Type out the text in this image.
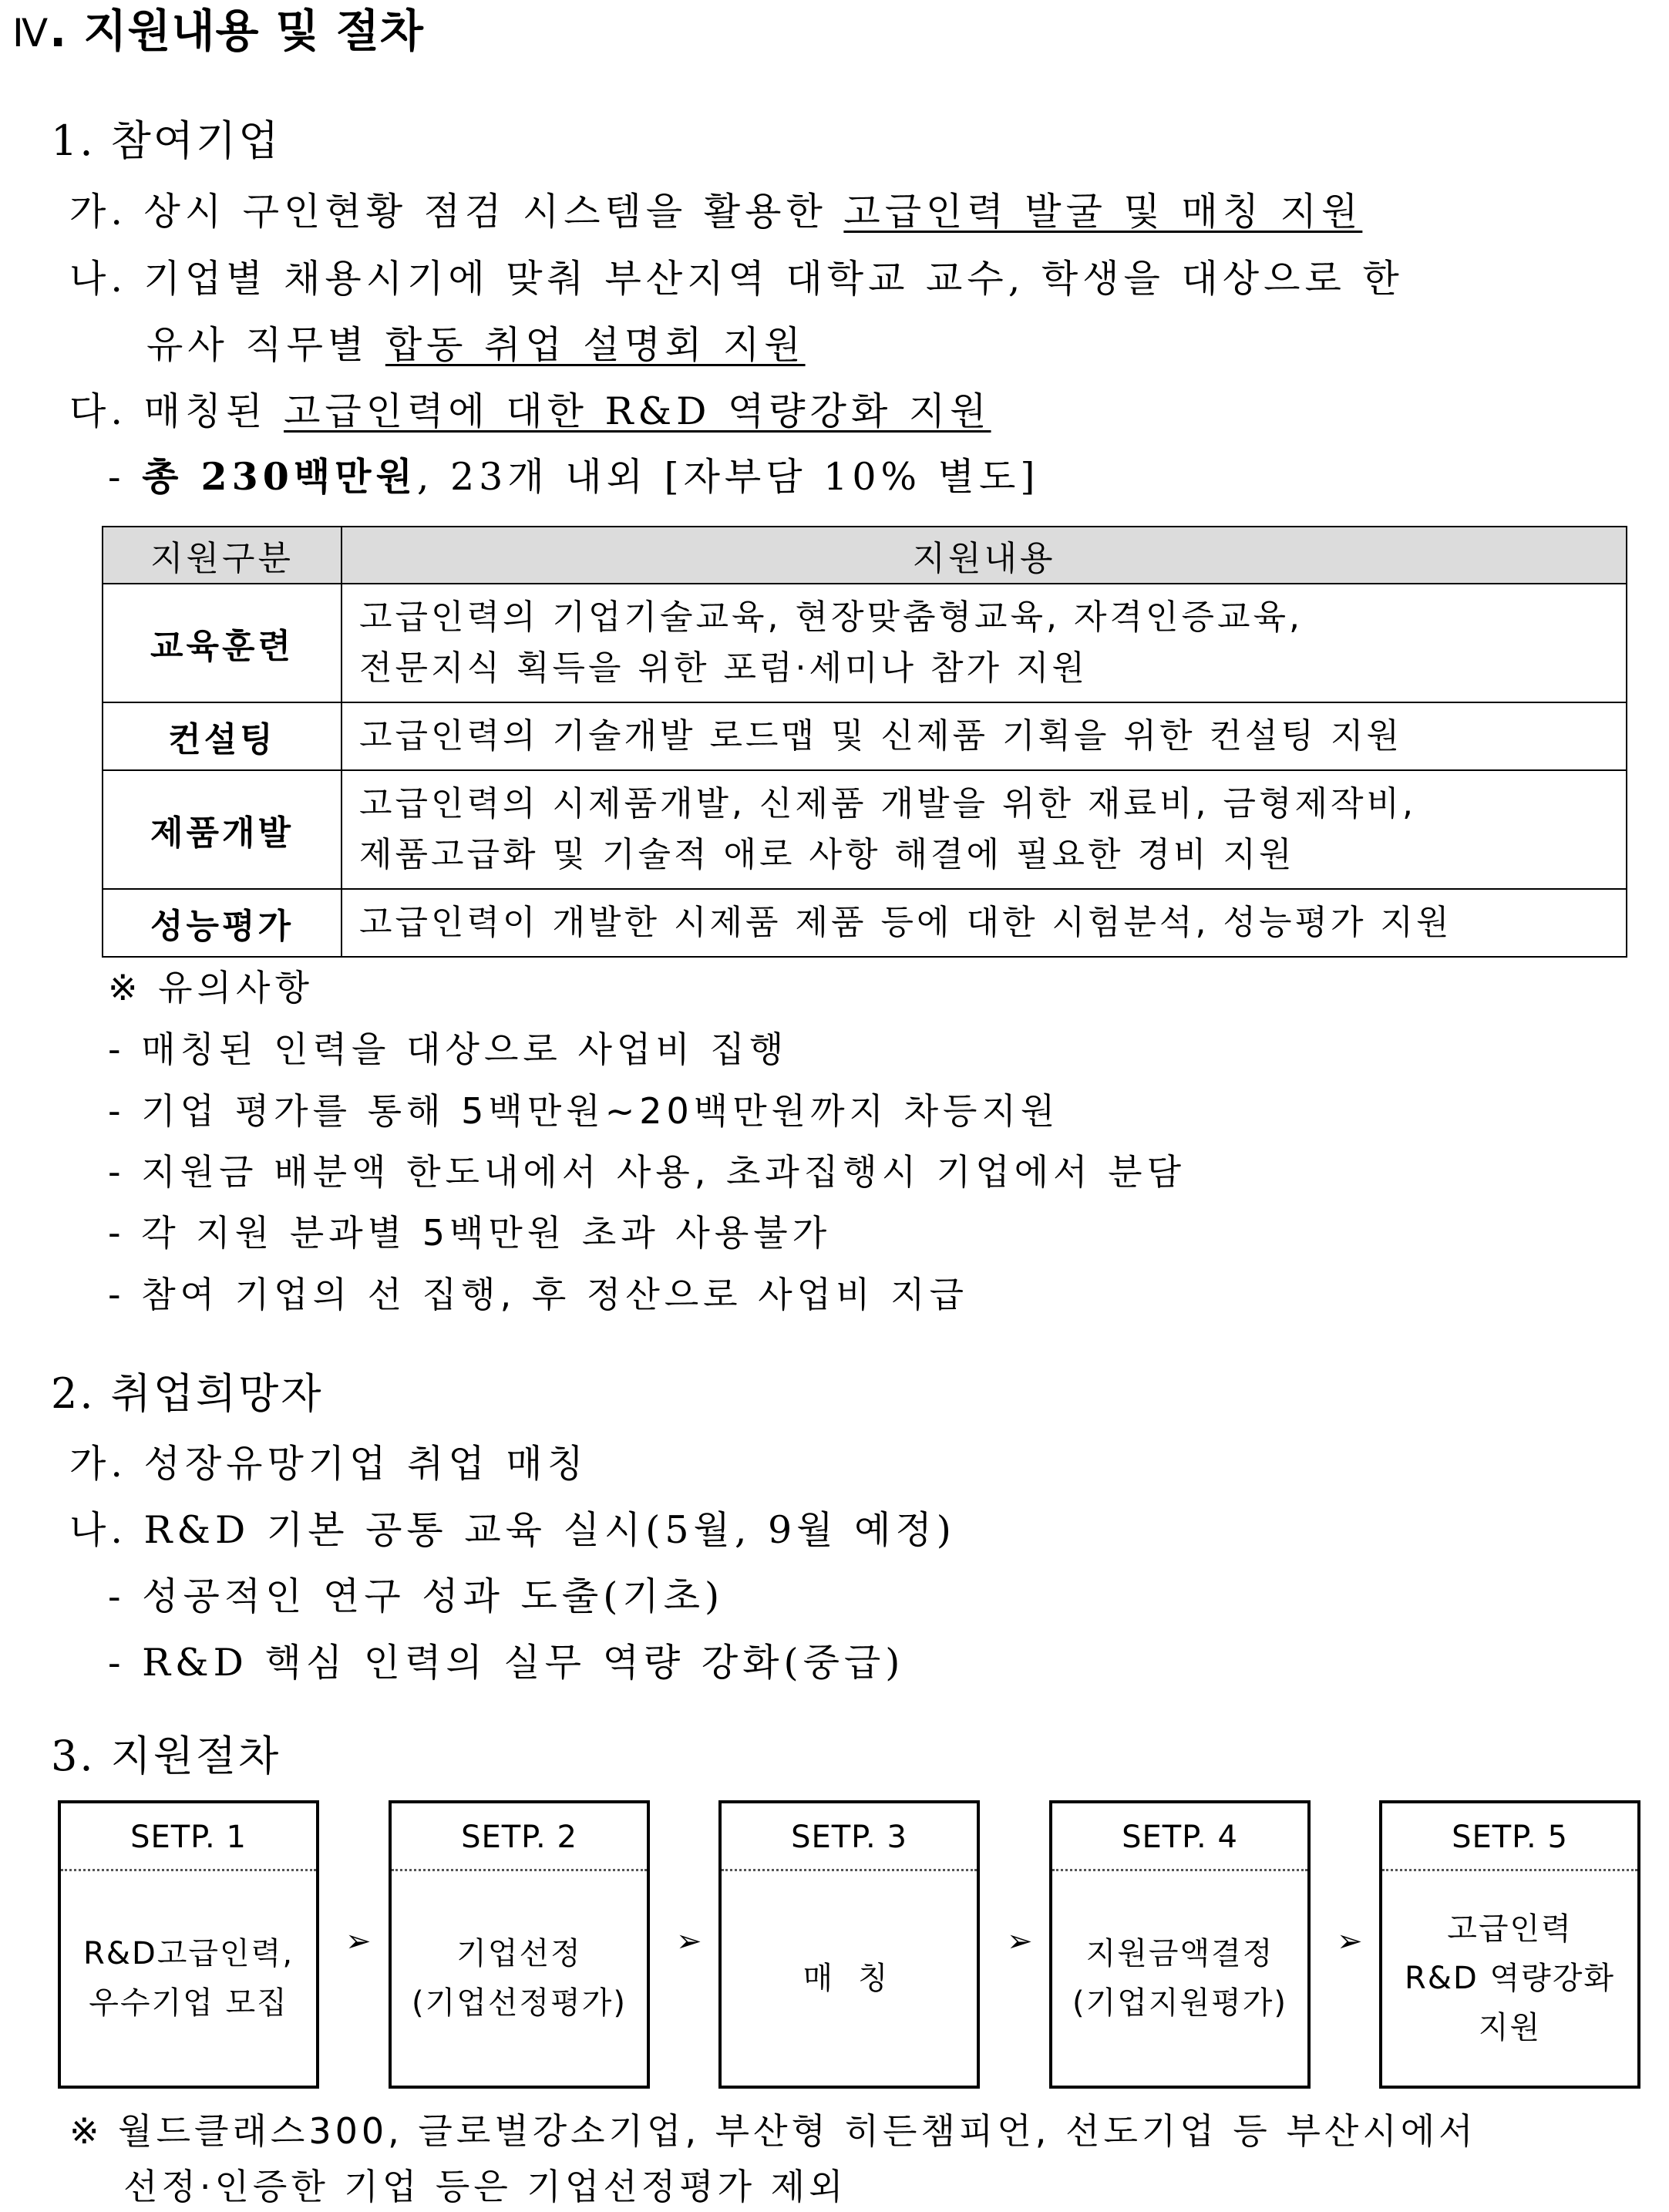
Ⅳ. 지원내용 및 절차
1. 참여기업
가. 상시 구인현황 점검 시스템을 활용한 고급인력 발굴 및 매칭 지원
나. 기업별 채용시기에 맞춰 부산지역 대학교 교수, 학생을 대상으로 한
유사 직무별 합동 취업 설명회 지원
다. 매칭된 고급인력에 대한 R&D 역량강화 지원
- 총 230백만원, 23개 내외 [자부담 10% 별도]
지원구분	지원내용
교육훈련	고급인력의 기업기술교육, 현장맞춤형교육, 자격인증교육,
전문지식 획득을 위한 포럼·세미나 참가 지원
컨설팅	고급인력의 기술개발 로드맵 및 신제품 기획을 위한 컨설팅 지원
제품개발	고급인력의 시제품개발, 신제품 개발을 위한 재료비, 금형제작비,
제품고급화 및 기술적 애로 사항 해결에 필요한 경비 지원
성능평가	고급인력이 개발한 시제품 제품 등에 대한 시험분석, 성능평가 지원
※ 유의사항
- 매칭된 인력을 대상으로 사업비 집행
- 기업 평가를 통해 5백만원~20백만원까지 차등지원
- 지원금 배분액 한도내에서 사용, 초과집행시 기업에서 분담
- 각 지원 분과별 5백만원 초과 사용불가
- 참여 기업의 선 집행, 후 정산으로 사업비 지급
2. 취업희망자
가. 성장유망기업 취업 매칭
나. R&D 기본 공통 교육 실시(5월, 9월 예정)
- 성공적인 연구 성과 도출(기초)
- R&D 핵심 인력의 실무 역량 강화(중급)
3. 지원절차
SETP. 1
R&D고급인력,
우수기업 모집
➢
SETP. 2
기업선정
(기업선정평가)
➢
SETP. 3
매 칭
➢
SETP. 4
지원금액결정
(기업지원평가)
➢
SETP. 5
고급인력
R&D 역량강화
지원
※ 월드클래스300, 글로벌강소기업, 부산형 히든챔피언, 선도기업 등 부산시에서
선정·인증한 기업 등은 기업선정평가 제외
